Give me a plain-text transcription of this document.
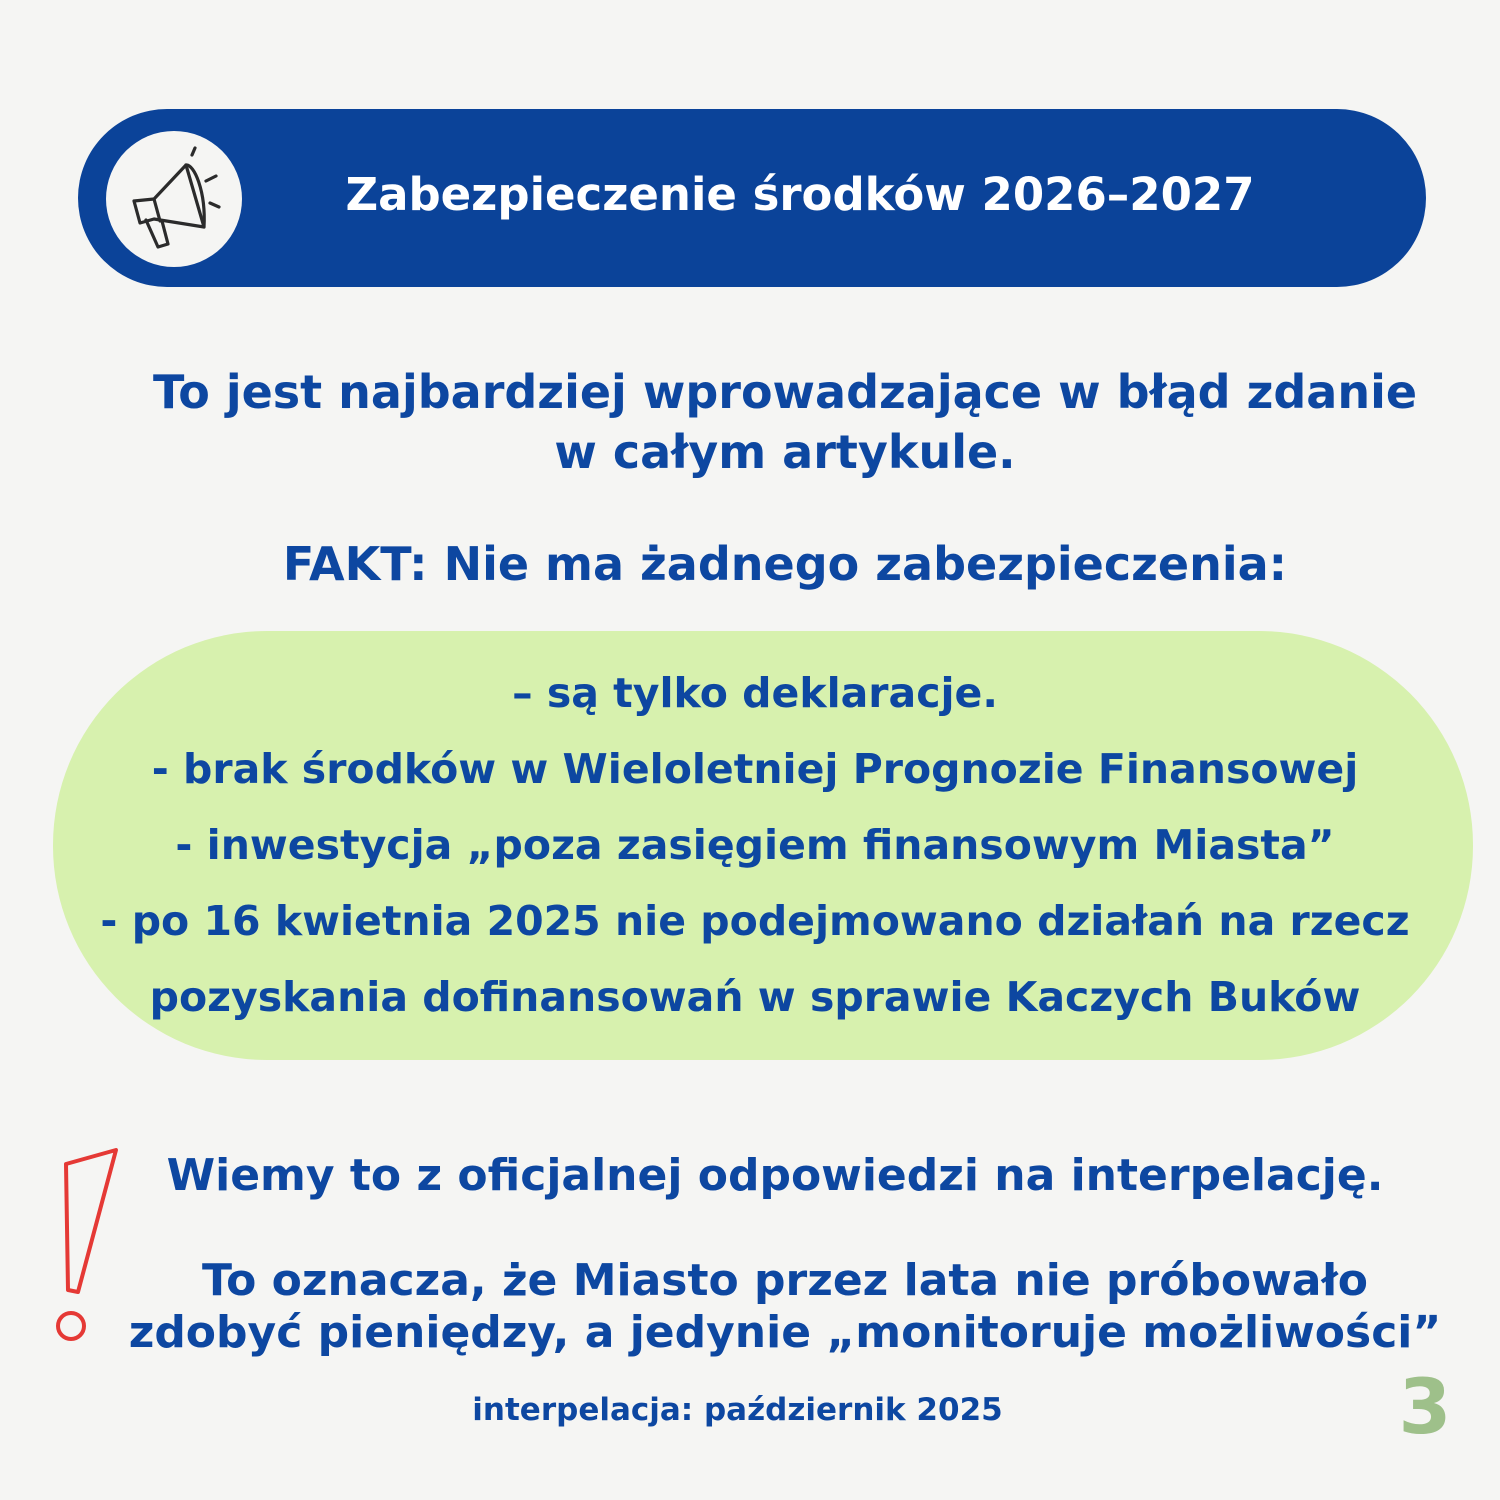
Zabezpieczenie środków 2026–2027
To jest najbardziej wprowadzające w błąd zdanie
w całym artykule.
FAKT: Nie ma żadnego zabezpieczenia:
– są tylko deklaracje.
- brak środków w Wieloletniej Prognozie Finansowej
- inwestycja „poza zasięgiem finansowym Miasta”
- po 16 kwietnia 2025 nie podejmowano działań na rzecz
pozyskania dofinansowań w sprawie Kaczych Buków
Wiemy to z oficjalnej odpowiedzi na interpelację.
To oznacza, że Miasto przez lata nie próbowało
zdobyć pieniędzy, a jedynie „monitoruje możliwości”
interpelacja: październik 2025	3
